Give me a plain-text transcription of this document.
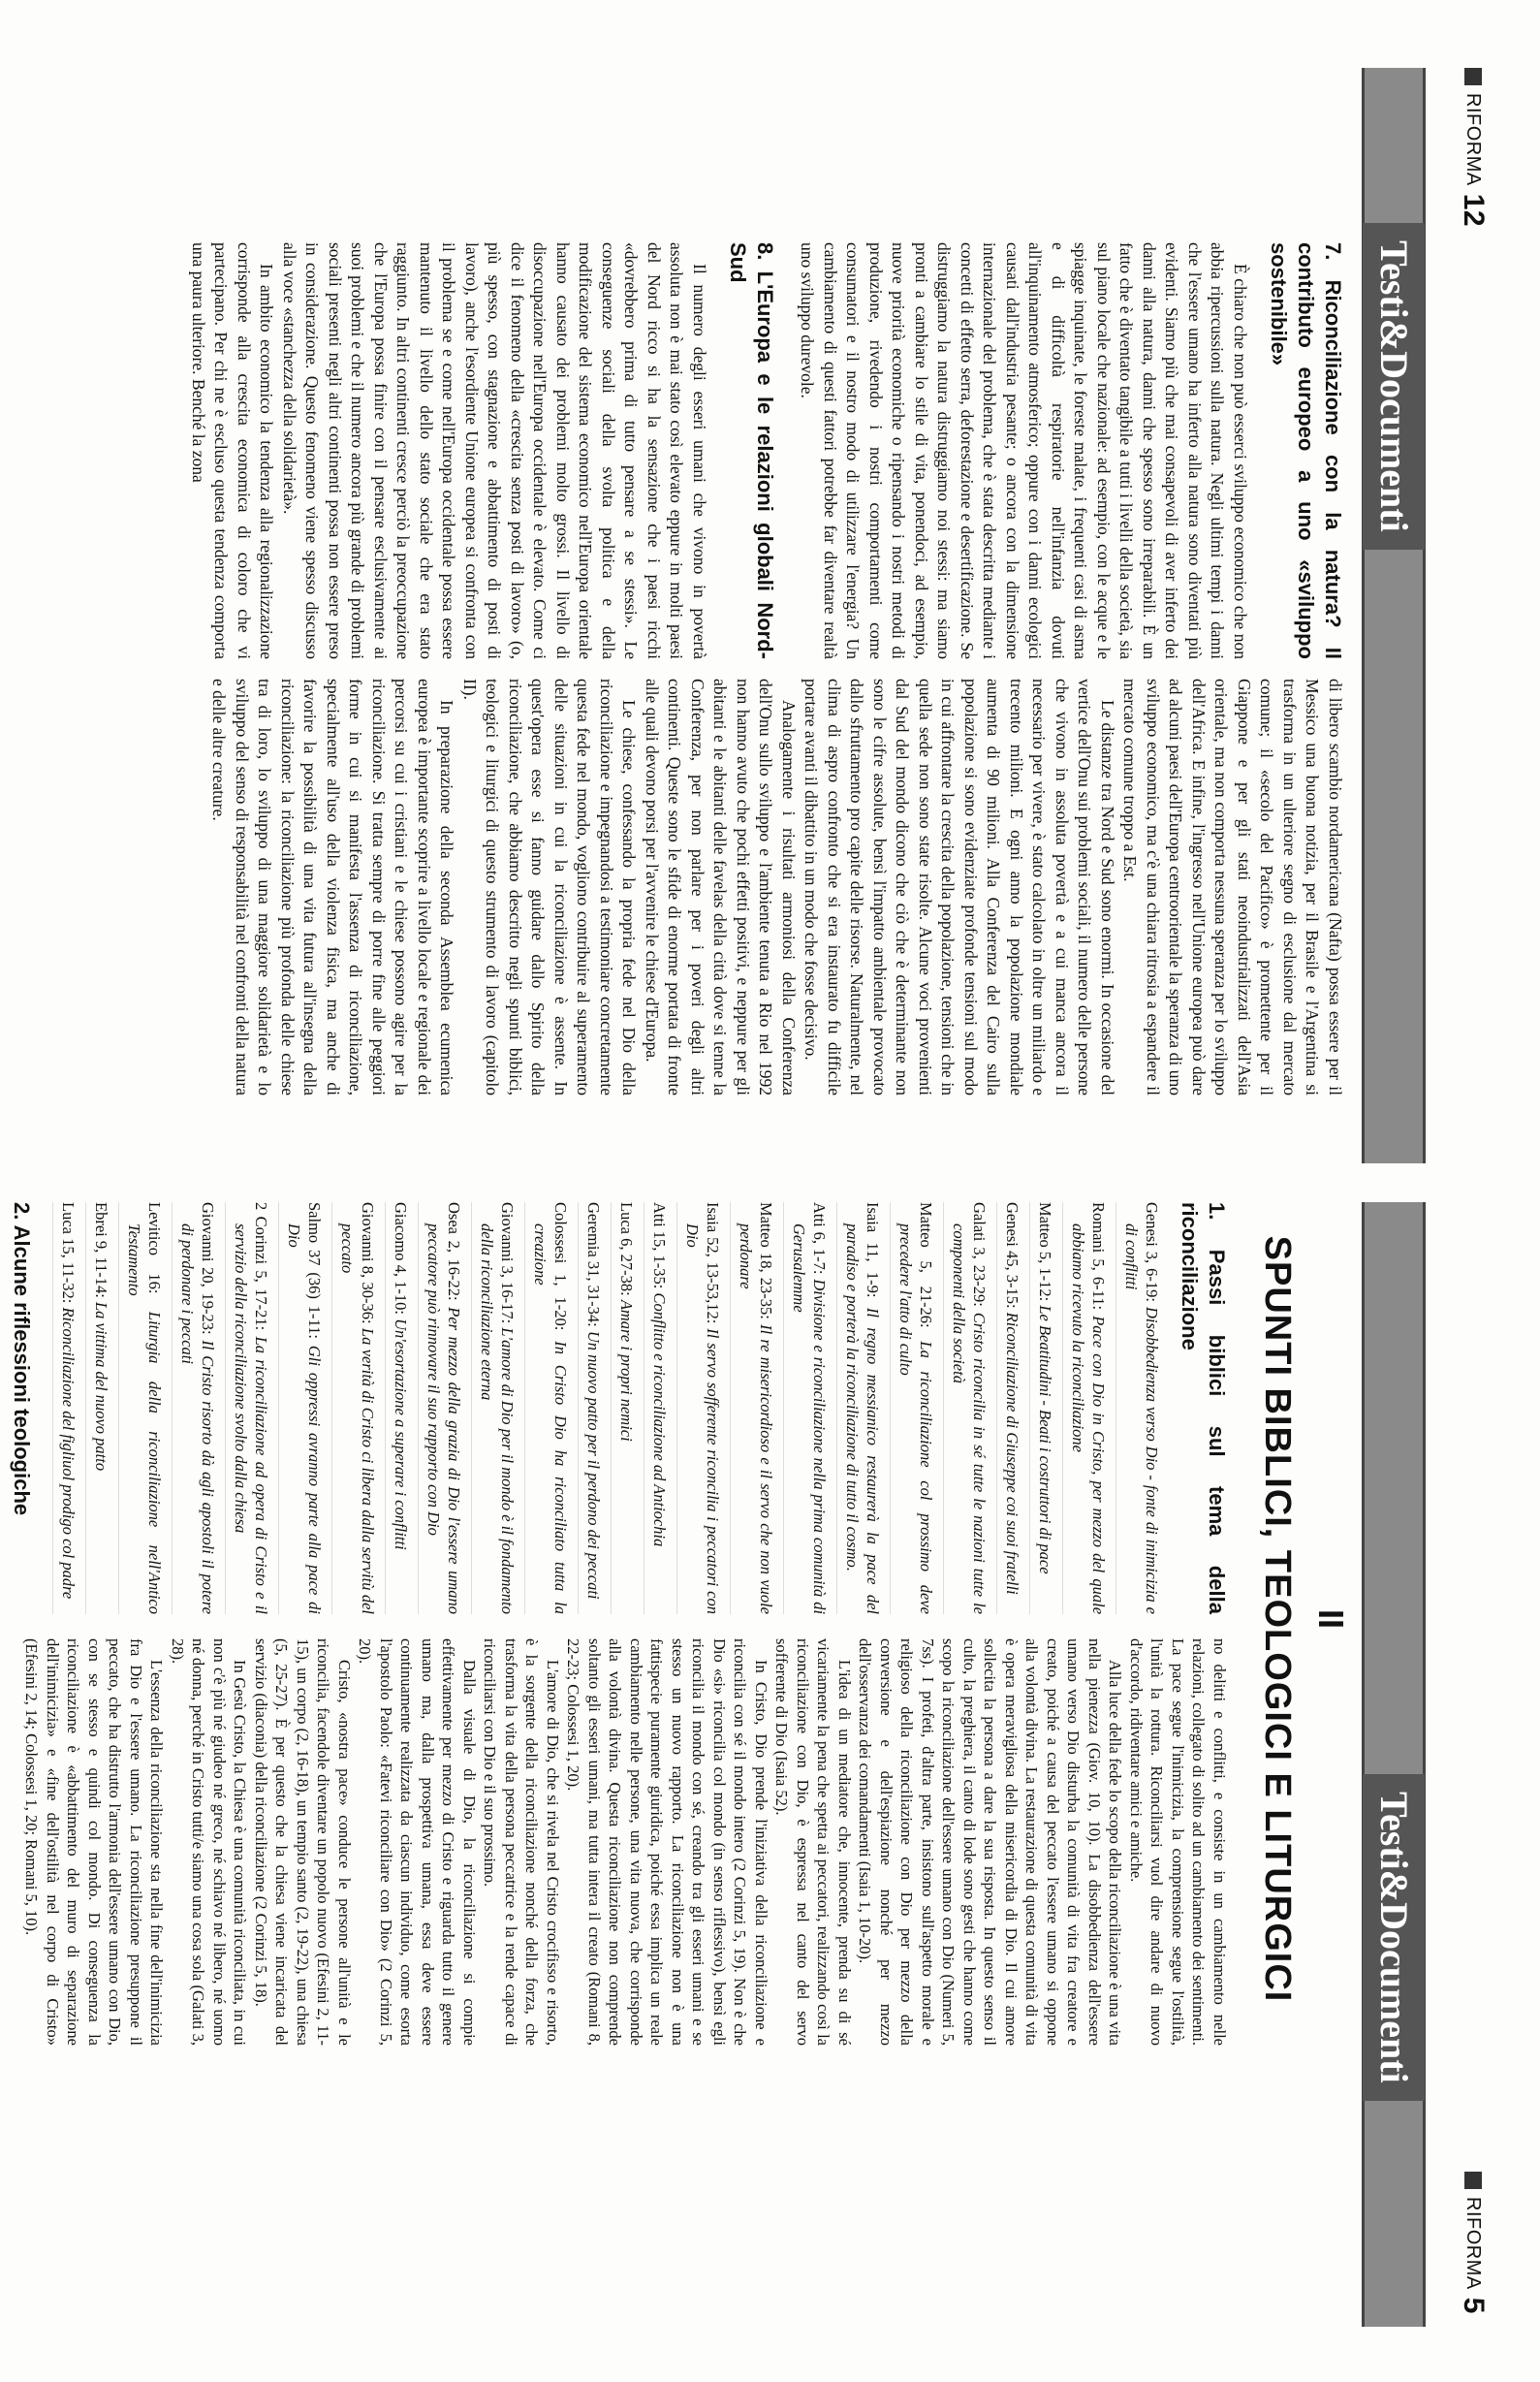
RIFORMA
12
Testi&Documenti
7. Riconciliazione con la natura? Il contributo europeo a uno «sviluppo sostenibile»

È chiaro che non può esserci sviluppo economico che non abbia ripercussioni sulla natura. Negli ultimi tempi i danni che l'essere umano ha inferto alla natura sono diventati più evidenti. Siamo più che mai consapevoli di aver inferto dei danni alla natura, danni che spesso sono irreparabili. È un fatto che è diventato tangibile a tutti i livelli della società, sia sul piano locale che nazionale: ad esempio, con le acque e le spiagge inquinate, le foreste malate, i frequenti casi di asma e di difficoltà respiratorie nell'infanzia dovuti all'inquinamento atmosferico; oppure con i danni ecologici causati dall'industria pesante; o ancora con la dimensione internazionale del problema, che è stata descritta mediante i concetti di effetto serra, deforestazione e desertificazione. Se distruggiamo la natura distruggiamo noi stessi: ma siamo pronti a cambiare lo stile di vita, ponendoci, ad esempio, nuove priorità economiche o ripensando i nostri metodi di produzione, rivedendo i nostri comportamenti come consumatori e il nostro modo di utilizzare l'energia? Un cambiamento di questi fattori potrebbe far diventare realtà uno sviluppo durevole.

8. L'Europa e le relazioni globali Nord-Sud

Il numero degli esseri umani che vivono in povertà assoluta non è mai stato così elevato eppure in molti paesi del Nord ricco si ha la sensazione che i paesi ricchi «dovrebbero prima di tutto pensare a se stessi». Le conseguenze sociali della svolta politica e della modificazione del sistema economico nell'Europa orientale hanno causato dei problemi molto grossi. Il livello di disoccupazione nell'Europa occidentale è elevato. Come ci dice il fenomeno della «crescita senza posti di lavoro» (o, più spesso, con stagnazione e abbattimento di posti di lavoro), anche l'esordiente Unione europea si confronta con il problema se e come nell'Europa occidentale possa essere mantenuto il livello dello stato sociale che era stato raggiunto. In altri continenti cresce perciò la preoccupazione che l'Europa possa finire con il pensare esclusivamente ai suoi problemi e che il numero ancora più grande di problemi sociali presenti negli altri continenti possa non essere preso in considerazione. Questo fenomeno viene spesso discusso alla voce «stanchezza della solidarietà».

In ambito economico la tendenza alla regionalizzazione corrisponde alla crescita economica di coloro che vi partecipano. Per chi ne è escluso questa tendenza comporta una paura ulteriore. Benché la zona

di libero scambio nordamericana (Nafta) possa essere per il Messico una buona notizia, per il Brasile e l'Argentina si trasforma in un ulteriore segno di esclusione dal mercato comune; il «secolo del Pacifico» è promettente per il Giappone e per gli stati neoindustrializzati dell'Asia orientale, ma non comporta nessuna speranza per lo sviluppo dell'Africa. E infine, l'ingresso nell'Unione europea può dare ad alcuni paesi dell'Europa centroorientale la speranza di uno sviluppo economico, ma c'è una chiara ritrosia a espandere il mercato comune troppo a Est.

Le distanze tra Nord e Sud sono enormi. In occasione del vertice dell'Onu sui problemi sociali, il numero delle persone che vivono in assoluta povertà e a cui manca ancora il necessario per vivere, è stato calcolato in oltre un miliardo e trecento milioni. E ogni anno la popolazione mondiale aumenta di 90 milioni. Alla Conferenza del Cairo sulla popolazione si sono evidenziate profonde tensioni sul modo in cui affrontare la crescita della popolazione, tensioni che in quella sede non sono state risolte. Alcune voci provenienti dal Sud del mondo dicono che ciò che è determinante non sono le cifre assolute, bensì l'impatto ambientale provocato dallo sfruttamento pro capite delle risorse. Naturalmente, nel clima di aspro confronto che si era instaurato fu difficile portare avanti il dibattito in un modo che fosse decisivo.

Analogamente i risultati armoniosi della Conferenza dell'Onu sullo sviluppo e l'ambiente tenuta a Rio nel 1992 non hanno avuto che pochi effetti positivi, e neppure per gli abitanti e le abitanti delle favelas della città dove si tenne la Conferenza, per non parlare per i poveri degli altri continenti. Queste sono le sfide di enorme portata di fronte alle quali devono porsi per l'avvenire le chiese d'Europa.

Le chiese, confessando la propria fede nel Dio della riconciliazione e impegnandosi a testimoniare concretamente questa fede nel mondo, vogliono contribuire al superamento delle situazioni in cui la riconciliazione è assente. In quest'opera esse si fanno guidare dallo Spirito della riconciliazione, che abbiamo descritto negli spunti biblici, teologici e liturgici di questo strumento di lavoro (capitolo II).

In preparazione della seconda Assemblea ecumenica europea è importante scoprire a livello locale e regionale dei percorsi su cui i cristiani e le chiese possono agire per la riconciliazione. Si tratta sempre di porre fine alle peggiori forme in cui si manifesta l'assenza di riconciliazione, specialmente all'uso della violenza fisica, ma anche di favorire la possibilità di una vita futura all'insegna della riconciliazione: la riconciliazione più profonda delle chiese tra di loro, lo sviluppo di una maggiore solidarietà e lo sviluppo del senso di responsabilità nel confronti della natura e delle altre creature.

RIFORMA
5
Testi&Documenti
II
SPUNTI BIBLICI, TEOLOGICI E LITURGICI
1. Passi biblici sul tema della riconciliazione
Genesi 3, 6-19: Disobbedienza verso Dio - fonte di inimicizia e di conflitti
Romani 5, 6-11: Pace con Dio in Cristo, per mezzo del quale abbiamo ricevuto la riconciliazione
Matteo 5, 1-12: Le Beatitudini - Beati i costruttori di pace
Genesi 45, 3-15: Riconciliazione di Giuseppe coi suoi fratelli
Galati 3, 23-29: Cristo riconcilia in sé tutte le nazioni tutte le componenti della società
Matteo 5, 21-26: La riconciliazione col prossimo deve precedere l'atto di culto
Isaia 11, 1-9: Il regno messianico restaurerà la pace del paradiso e porterà la riconciliazione di tutto il cosmo.
Atti 6, 1-7: Divisione e riconciliazione nella prima comunità di Gerusalemme
Matteo 18, 23-35: Il re misericordioso e il servo che non vuole perdonare
Isaia 52, 13-53,12: Il servo sofferente riconcilia i peccatori con Dio
Atti 15, 1-35: Conflitto e riconciliazione ad Antiochia
Luca 6, 27-38: Amare i propri nemici
Geremia 31, 31-34: Un nuovo patto per il perdono dei peccati
Colossesi 1, 1-20: In Cristo Dio ha riconciliato tutta la creazione
Giovanni 3, 16-17: L'amore di Dio per il mondo è il fondamento della riconciliazione eterna
Osea 2, 16-22: Per mezzo della grazia di Dio l'essere umano peccatore può rinnovare il suo rapporto con Dio
Giacomo 4, 1-10: Un'esortazione a superare i conflitti
Giovanni 8, 30-36: La verità di Cristo ci libera dalla servitù del peccato
Salmo 37 (36) 1-11: Gli oppressi avranno parte alla pace di Dio
2 Corinzi 5, 17-21: La riconciliazione ad opera di Cristo e il servizio della riconciliazione svolto dalla chiesa
Giovanni 20, 19-23: Il Cristo risorto dà agli apostoli il potere di perdonare i peccati
Levitico 16: Liturgia della riconciliazione nell'Antico Testamento
Ebrei 9, 11-14: La vittima del nuovo patto
Luca 15, 11-32: Riconciliazione del figliuol prodigo col padre
2. Alcune riflessioni teologiche

no delitti e conflitti, e consiste in un cambiamento nelle relazioni, collegato di solito ad un cambiamento dei sentimenti. La pace segue l'inimicizia, la comprensione segue l'ostilità, l'unità la rottura. Riconciliarsi vuol dire andare di nuovo d'accordo, ridiventare amici e amiche.

Alla luce della fede lo scopo della riconciliazione è una vita nella pienezza (Giov. 10, 10). La disobbedienza dell'essere umano verso Dio disturba la comunità di vita fra creatore e creato, poiché a causa del peccato l'essere umano si oppone alla volontà divina. La restaurazione di questa comunità di vita è opera meravigliosa della misericordia di Dio. Il cui amore sollecita la persona a dare la sua risposta. In questo senso il culto, la preghiera, il canto di lode sono gesti che hanno come scopo la riconciliazione dell'essere umano con Dio (Numeri 5, 7ss). I profeti, d'altra parte, insistono sull'aspetto morale e religioso della riconciliazione con Dio per mezzo della conversione e dell'espiazione nonché per mezzo dell'osservanza dei comandamenti (Isaia 1, 10-20).

L'idea di un mediatore che, innocente, prenda su di sé vicariamente la pena che spetta ai peccatori, realizzando così la riconciliazione con Dio, è espressa nel canto del servo sofferente di Dio (Isaia 52).

In Cristo, Dio prende l'iniziativa della riconciliazione e riconcilia con sé il mondo intero (2 Corinzi 5, 19). Non è che Dio «si» riconcilia col mondo (in senso riflessivo), bensì egli riconcilia il mondo con sé, creando tra gli esseri umani e se stesso un nuovo rapporto. La riconciliazione non è una fattispecie puramente giuridica, poiché essa implica un reale cambiamento nelle persone, una vita nuova, che corrisponde alla volontà divina. Questa riconciliazione non comprende soltanto gli esseri umani, ma tutta intera il creato (Romani 8, 22-23; Colossesi 1, 20).

L'amore di Dio, che si rivela nel Cristo crocifisso e risorto, è la sorgente della riconciliazione nonché della forza, che trasforma la vita della persona peccatrice e la rende capace di riconciliarsi con Dio e il suo prossimo.

Dalla visuale di Dio, la riconciliazione si compie effettivamente per mezzo di Cristo e riguarda tutto il genere umano ma, dalla prospettiva umana, essa deve essere continuamente realizzata da ciascun individuo, come esorta l'apostolo Paolo: «Fatevi riconciliare con Dio» (2 Corinzi 5, 20).

Cristo, «nostra pace» conduce le persone all'unità e le riconcilia, facendole diventare un popolo nuovo (Efesini 2, 11-15), un corpo (2, 16-18), un tempio santo (2, 19-22), una chiesa (5, 25-27). È per questo che la chiesa viene incaricata del servizio (diaconia) della riconciliazione (2 Corinzi 5, 18).

In Gesù Cristo, la Chiesa è una comunità riconciliata, in cui non c'è più né giudeo né greco, né schiavo né libero, né uomo né donna, perché in Cristo tutti/e siamo una cosa sola (Galati 3, 28).

L'essenza della riconciliazione sta nella fine dell'inimicizia fra Dio e l'essere umano. La riconciliazione presuppone il peccato, che ha distrutto l'armonia dell'essere umano con Dio, con se stesso e quindi col mondo. Di conseguenza la riconciliazione è «abbattimento del muro di separazione dell'inimicizia» e «fine dell'ostilità nel corpo di Cristo» (Efesini 2, 14; Colossesi 1, 20; Romani 5, 10).
